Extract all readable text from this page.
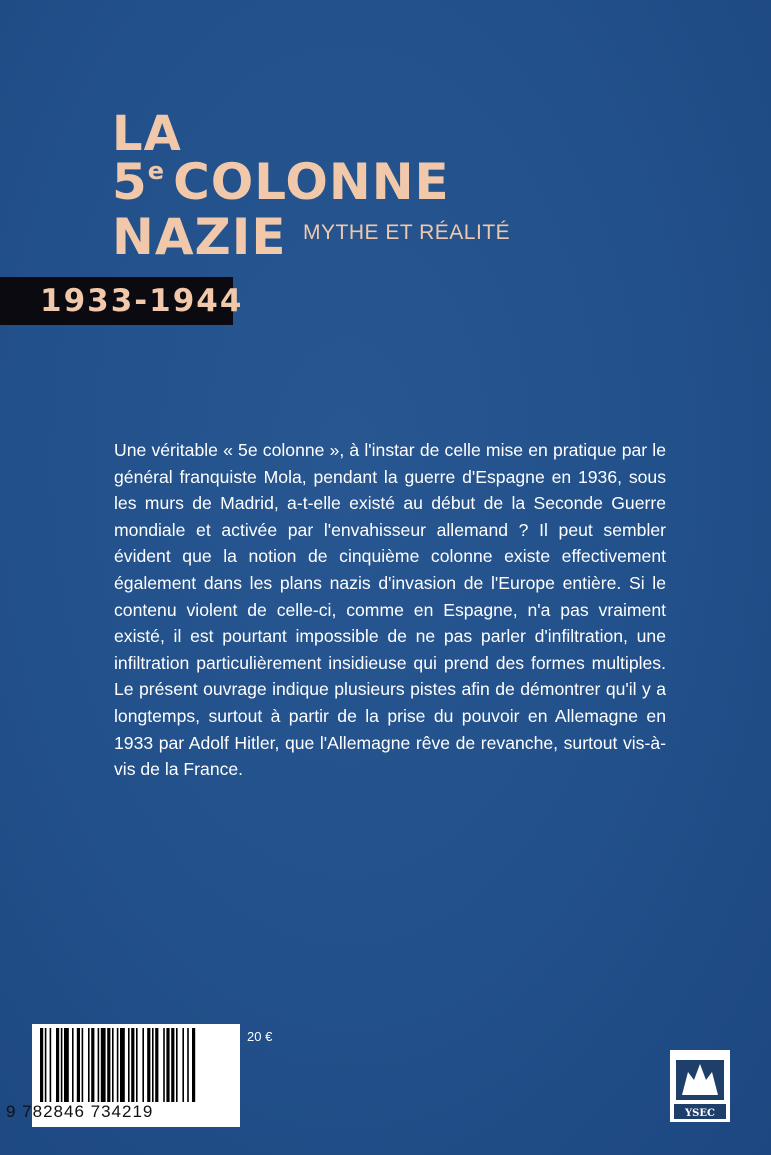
LA
5e COLONNE
NAZIE MYTHE ET RÉALITÉ
1933-1944

Une véritable « 5e colonne », à l'instar de celle mise en pratique par le général franquiste Mola, pendant la guerre d'Espagne en 1936, sous les murs de Madrid, a-t-elle existé au début de la Seconde Guerre mondiale et activée par l'envahisseur allemand ? Il peut sembler évident que la notion de cinquième colonne existe effectivement également dans les plans nazis d'invasion de l'Europe entière. Si le contenu violent de celle-ci, comme en Espagne, n'a pas vraiment existé, il est pourtant impossible de ne pas parler d'infiltration, une infiltration particulièrement insidieuse qui prend des formes multiples. Le présent ouvrage indique plusieurs pistes afin de démontrer qu'il y a longtemps, surtout à partir de la prise du pouvoir en Allemagne en 1933 par Adolf Hitler, que l'Allemagne rêve de revanche, surtout vis-à-vis de la France.

9 782846 734219
20 €
YSEC
